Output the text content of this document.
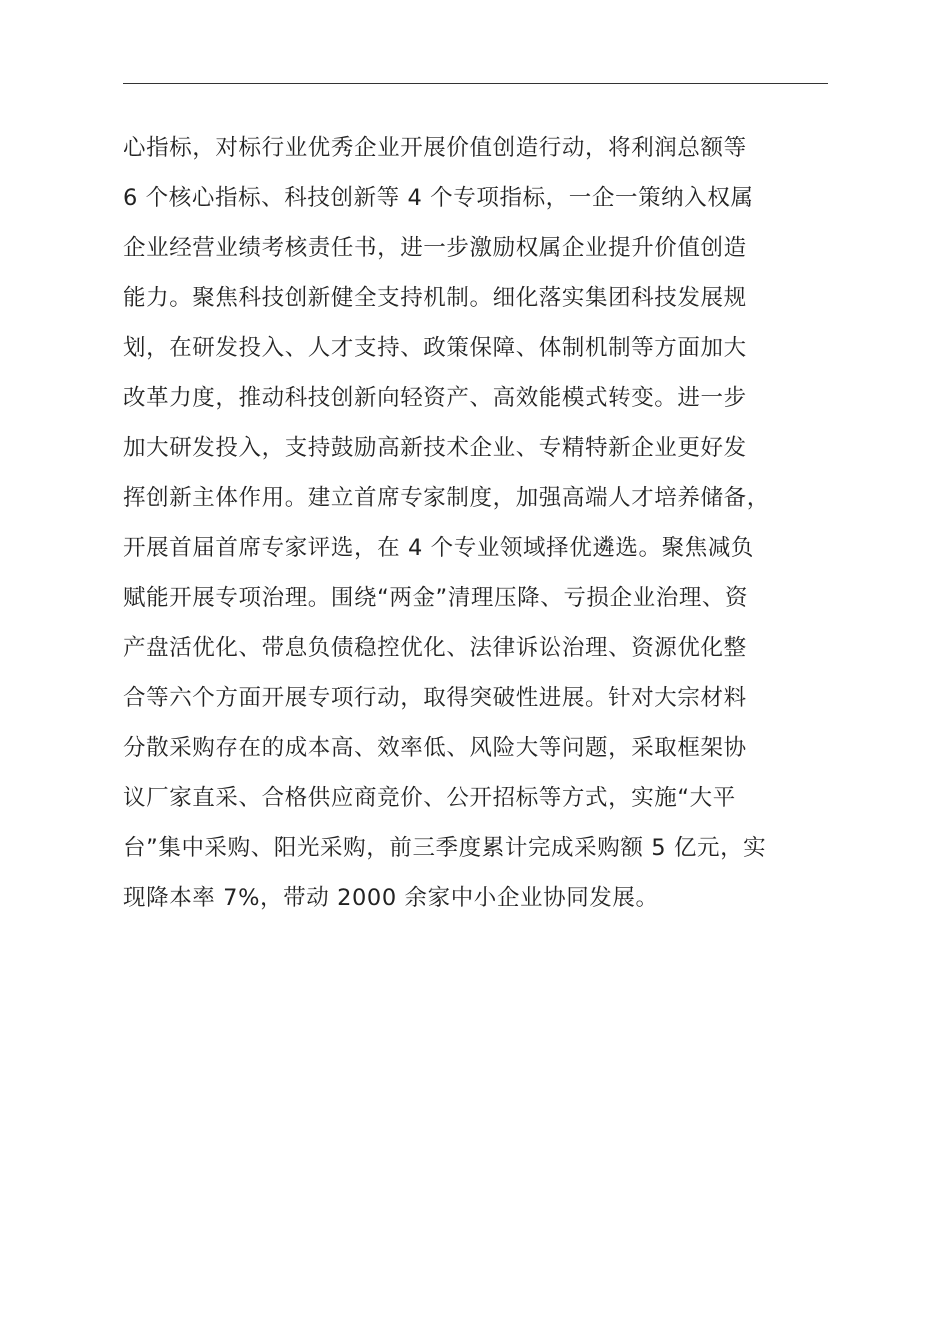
心指标，对标行业优秀企业开展价值创造行动，将利润总额等
6 个核心指标、科技创新等 4 个专项指标，一企一策纳入权属
企业经营业绩考核责任书，进一步激励权属企业提升价值创造
能力。聚焦科技创新健全支持机制。细化落实集团科技发展规
划，在研发投入、人才支持、政策保障、体制机制等方面加大
改革力度，推动科技创新向轻资产、高效能模式转变。进一步
加大研发投入，支持鼓励高新技术企业、专精特新企业更好发
挥创新主体作用。建立首席专家制度，加强高端人才培养储备，
开展首届首席专家评选，在 4 个专业领域择优遴选。聚焦减负
赋能开展专项治理。围绕“两金”清理压降、亏损企业治理、资
产盘活优化、带息负债稳控优化、法律诉讼治理、资源优化整
合等六个方面开展专项行动，取得突破性进展。针对大宗材料
分散采购存在的成本高、效率低、风险大等问题，采取框架协
议厂家直采、合格供应商竞价、公开招标等方式，实施“大平
台”集中采购、阳光采购，前三季度累计完成采购额 5 亿元，实
现降本率 7%，带动 2000 余家中小企业协同发展。
